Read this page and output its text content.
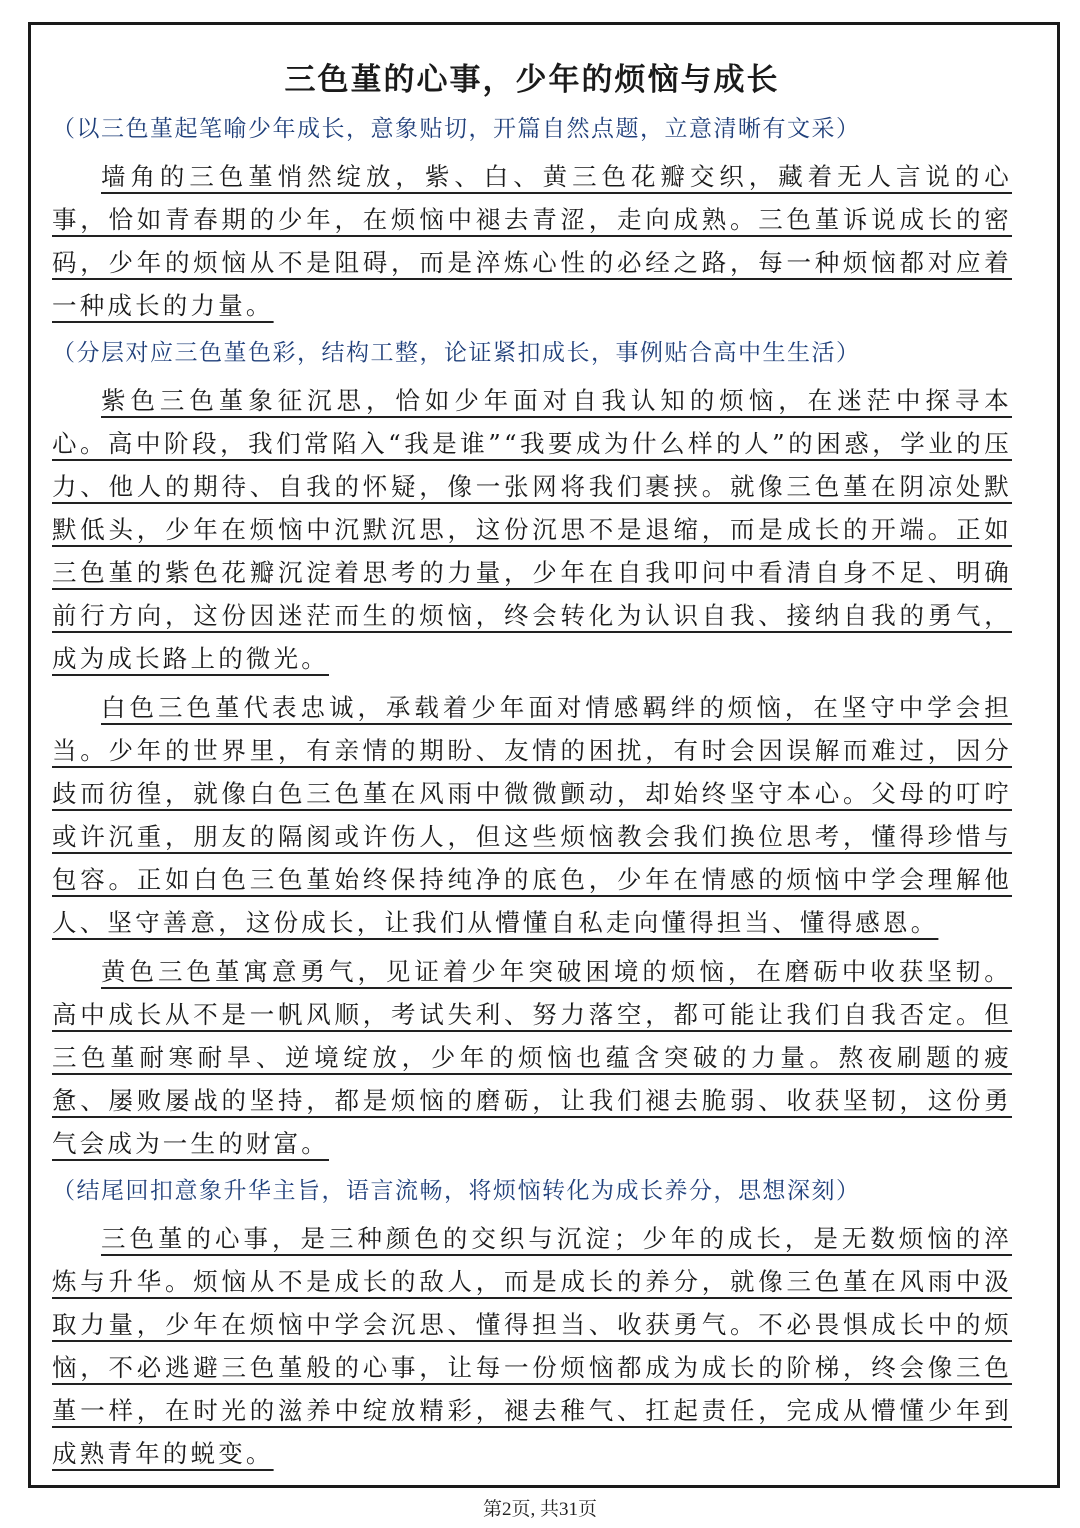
三色堇的心事，少年的烦恼与成长
（以三色堇起笔喻少年成长，意象贴切，开篇自然点题，立意清晰有文采）

墙角的三色堇悄然绽放，紫、白、黄三色花瓣交织，藏着无人言说的心事，恰如青春期的少年，在烦恼中褪去青涩，走向成熟。三色堇诉说成长的密码，少年的烦恼从不是阻碍，而是淬炼心性的必经之路，每一种烦恼都对应着一种成长的力量。

（分层对应三色堇色彩，结构工整，论证紧扣成长，事例贴合高中生生活）

紫色三色堇象征沉思，恰如少年面对自我认知的烦恼，在迷茫中探寻本心。高中阶段，我们常陷入“我是谁”“我要成为什么样的人”的困惑，学业的压力、他人的期待、自我的怀疑，像一张网将我们裹挟。就像三色堇在阴凉处默默低头，少年在烦恼中沉默沉思，这份沉思不是退缩，而是成长的开端。正如三色堇的紫色花瓣沉淀着思考的力量，少年在自我叩问中看清自身不足、明确前行方向，这份因迷茫而生的烦恼，终会转化为认识自我、接纳自我的勇气，成为成长路上的微光。

白色三色堇代表忠诚，承载着少年面对情感羁绊的烦恼，在坚守中学会担当。少年的世界里，有亲情的期盼、友情的困扰，有时会因误解而难过，因分歧而彷徨，就像白色三色堇在风雨中微微颤动，却始终坚守本心。父母的叮咛或许沉重，朋友的隔阂或许伤人，但这些烦恼教会我们换位思考，懂得珍惜与包容。正如白色三色堇始终保持纯净的底色，少年在情感的烦恼中学会理解他人、坚守善意，这份成长，让我们从懵懂自私走向懂得担当、懂得感恩。

黄色三色堇寓意勇气，见证着少年突破困境的烦恼，在磨砺中收获坚韧。高中成长从不是一帆风顺，考试失利、努力落空，都可能让我们自我否定。但三色堇耐寒耐旱、逆境绽放，少年的烦恼也蕴含突破的力量。熬夜刷题的疲惫、屡败屡战的坚持，都是烦恼的磨砺，让我们褪去脆弱、收获坚韧，这份勇气会成为一生的财富。

（结尾回扣意象升华主旨，语言流畅，将烦恼转化为成长养分，思想深刻）

三色堇的心事，是三种颜色的交织与沉淀；少年的成长，是无数烦恼的淬炼与升华。烦恼从不是成长的敌人，而是成长的养分，就像三色堇在风雨中汲取力量，少年在烦恼中学会沉思、懂得担当、收获勇气。不必畏惧成长中的烦恼，不必逃避三色堇般的心事，让每一份烦恼都成为成长的阶梯，终会像三色堇一样，在时光的滋养中绽放精彩，褪去稚气、扛起责任，完成从懵懂少年到成熟青年的蜕变。

第2页, 共31页
